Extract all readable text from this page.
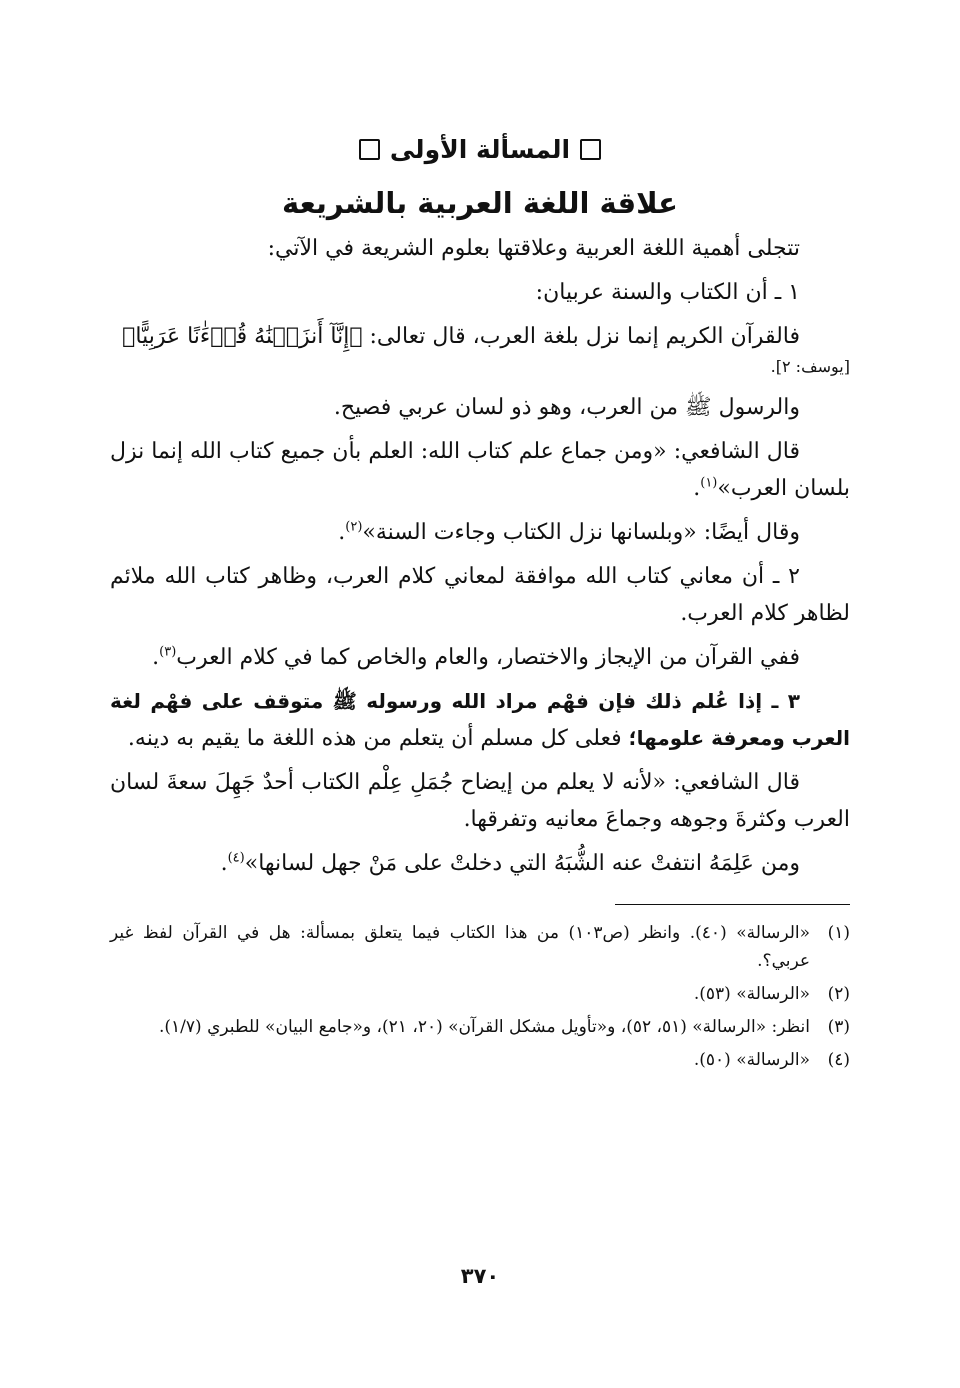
المسألة الأولى
علاقة اللغة العربية بالشريعة

تتجلى أهمية اللغة العربية وعلاقتها بعلوم الشريعة في الآتي:

١ ـ أن الكتاب والسنة عربيان:

فالقرآن الكريم إنما نزل بلغة العرب، قال تعالى: ﴿إِنَّآ أَنزَلۡنَٰهُ قُرۡءَٰنًا عَرَبِيًّا﴾

[يوسف: ٢].

والرسول ﷺ من العرب، وهو ذو لسان عربي فصيح.

قال الشافعي: «ومن جماع علم كتاب الله: العلم بأن جميع كتاب الله إنما نزل بلسان العرب»$^{(١)}$.

وقال أيضًا: «وبلسانها نزل الكتاب وجاءت السنة»$^{(٢)}$.

٢ ـ أن معاني كتاب الله موافقة لمعاني كلام العرب، وظاهر كتاب الله ملائم لظاهر كلام العرب.

ففي القرآن من الإيجاز والاختصار، والعام والخاص كما في كلام العرب$^{(٣)}$.

٣ ـ إذا عُلم ذلك فإن فهْم مراد الله ورسوله ﷺ متوقف على فهْم لغة العرب ومعرفة علومها؛ فعلى كل مسلم أن يتعلم من هذه اللغة ما يقيم به دينه.

قال الشافعي: «لأنه لا يعلم من إيضاح جُمَلِ عِلْم الكتاب أحدٌ جَهِلَ سعةَ لسان العرب وكثرةَ وجوهه وجماعَ معانيه وتفرقها.

ومن عَلِمَهُ انتفتْ عنه الشُّبَهُ التي دخلتْ على مَنْ جهل لسانها»$^{(٤)}$.

(١)
«الرسالة» (٤٠). وانظر (ص١٠٣) من هذا الكتاب فيما يتعلق بمسألة: هل في القرآن لفظ غير عربي؟.

(٢)
«الرسالة» (٥٣).

(٣)
انظر: «الرسالة» (٥١، ٥٢)، و«تأويل مشكل القرآن» (٢٠، ٢١)، و«جامع البيان» للطبري (١/٧).

(٤)
«الرسالة» (٥٠).

٣٧٠
